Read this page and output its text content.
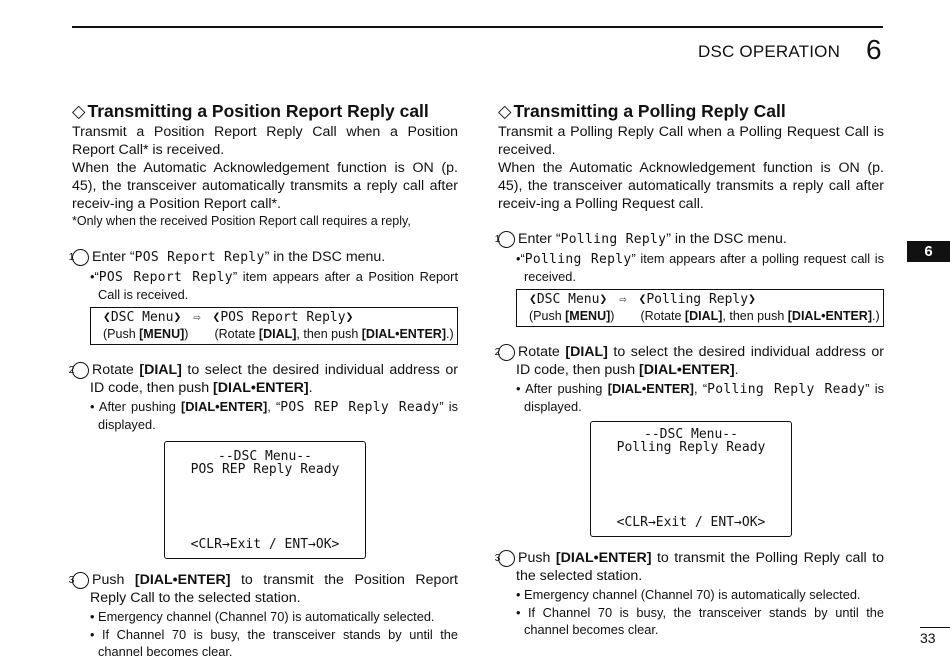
DSC OPERATION 6
6
33
◇ Transmitting a Position Report Reply call

Transmit a Position Report Reply Call when a Position Report Call* is received.

When the Automatic Acknowledgement function is ON (p. 45), the transceiver automatically transmits a reply call after receiv-ing a Position Report call*.

*Only when the received Position Report call requires a reply,

1 Enter “POS Report Reply” in the DSC menu.
•“POS Report Reply” item appears after a Position Report Call is received.
❮DSC Menu❯ ⇨ ❮POS Report Reply❯
(Push [MENU]) (Rotate [DIAL], then push [DIAL•ENTER].)
2 Rotate [DIAL] to select the desired individual address or ID code, then push [DIAL•ENTER].
• After pushing [DIAL•ENTER], “POS REP Reply Ready” is displayed.
--DSC Menu--
POS REP Reply Ready
<CLR→Exit / ENT→OK>
3 Push [DIAL•ENTER] to transmit the Position Report Reply Call to the selected station.
• Emergency channel (Channel 70) is automatically selected.
• If Channel 70 is busy, the transceiver stands by until the channel becomes clear.
◇ Transmitting a Polling Reply Call

Transmit a Polling Reply Call when a Polling Request Call is received.

When the Automatic Acknowledgement function is ON (p. 45), the transceiver automatically transmits a reply call after receiv-ing a Polling Request call.

1 Enter “Polling Reply” in the DSC menu.
•“Polling Reply” item appears after a polling request call is received.
❮DSC Menu❯ ⇨ ❮Polling Reply❯
(Push [MENU]) (Rotate [DIAL], then push [DIAL•ENTER].)
2 Rotate [DIAL] to select the desired individual address or ID code, then push [DIAL•ENTER].
• After pushing [DIAL•ENTER], “Polling Reply Ready” is displayed.
--DSC Menu--
Polling Reply Ready
<CLR→Exit / ENT→OK>
3 Push [DIAL•ENTER] to transmit the Polling Reply call to the selected station.
• Emergency channel (Channel 70) is automatically selected.
• If Channel 70 is busy, the transceiver stands by until the channel becomes clear.
